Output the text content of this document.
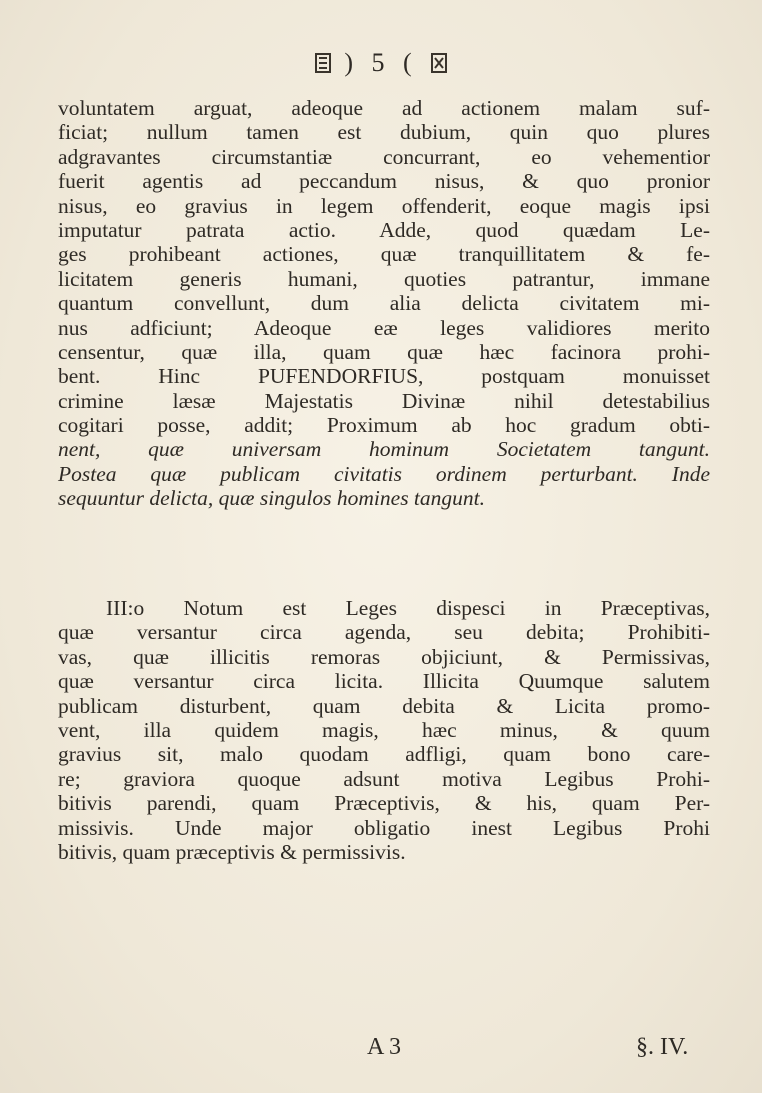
) 5 (
voluntatem arguat, adeoque ad actionem malam suf-
ficiat; nullum tamen est dubium, quin quo plures
adgravantes circumstantiæ concurrant, eo vehementior
fuerit agentis ad peccandum nisus, & quo pronior
nisus, eo gravius in legem offenderit, eoque magis ipsi
imputatur patrata actio. Adde, quod quædam Le-
ges prohibeant actiones, quæ tranquillitatem & fe-
licitatem generis humani, quoties patrantur, immane
quantum convellunt, dum alia delicta civitatem mi-
nus adficiunt; Adeoque eæ leges validiores merito
censentur, quæ illa, quam quæ hæc facinora prohi-
bent. Hinc PUFENDORFIUS, postquam monuisset
crimine læsæ Majestatis Divinæ nihil detestabilius
cogitari posse, addit; Proximum ab hoc gradum obti-
nent, quæ universam hominum Societatem tangunt.
Postea quæ publicam civitatis ordinem perturbant. Inde
sequuntur delicta, quæ singulos homines tangunt.
III:o Notum est Leges dispesci in Præceptivas,
quæ versantur circa agenda, seu debita; Prohibiti-
vas, quæ illicitis remoras objiciunt, & Permissivas,
quæ versantur circa licita. Illicita Quumque salutem
publicam disturbent, quam debita & Licita promo-
vent, illa quidem magis, hæc minus, & quum
gravius sit, malo quodam adfligi, quam bono care-
re; graviora quoque adsunt motiva Legibus Prohi-
bitivis parendi, quam Præceptivis, & his, quam Per-
missivis. Unde major obligatio inest Legibus Prohi
bitivis, quam præceptivis & permissivis.
A 3	§. IV.
